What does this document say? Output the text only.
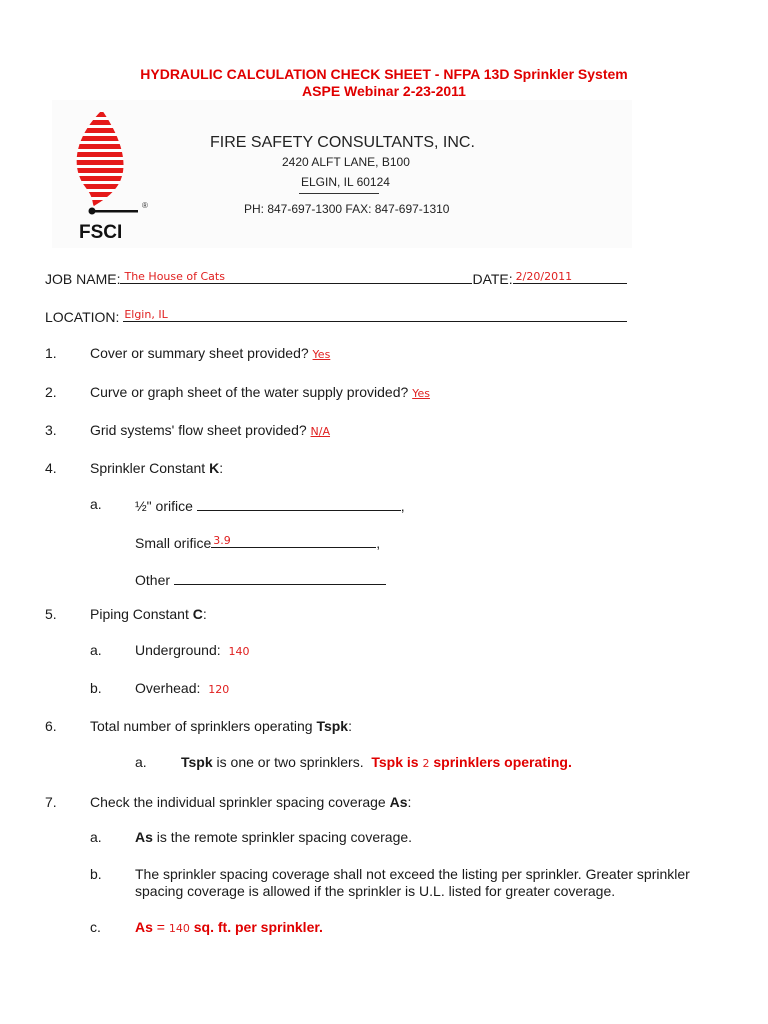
HYDRAULIC CALCULATION CHECK SHEET - NFPA 13D Sprinkler System
ASPE Webinar 2-23-2011
®
FSCI
FIRE SAFETY CONSULTANTS, INC.
2420 ALFT LANE, B100
ELGIN, IL 60124
PH: 847-697-1300 FAX: 847-697-1310
JOB NAME: The House of Cats	DATE: 2/20/2011
LOCATION: Elgin, IL
1. Cover or summary sheet provided? Yes
2. Curve or graph sheet of the water supply provided? Yes
3. Grid systems' flow sheet provided? N/A
4. Sprinkler Constant K:
a. ½" orifice	,
Small orifice 3.9	,
Other
5. Piping Constant C:
a. Underground: 140
b. Overhead: 120
6. Total number of sprinklers operating Tspk:
a. Tspk is one or two sprinklers. Tspk is 2 sprinklers operating.
7. Check the individual sprinkler spacing coverage As:
a. As is the remote sprinkler spacing coverage.
b. The sprinkler spacing coverage shall not exceed the listing per sprinkler. Greater sprinkler
spacing coverage is allowed if the sprinkler is U.L. listed for greater coverage.
c. As = 140 sq. ft. per sprinkler.
